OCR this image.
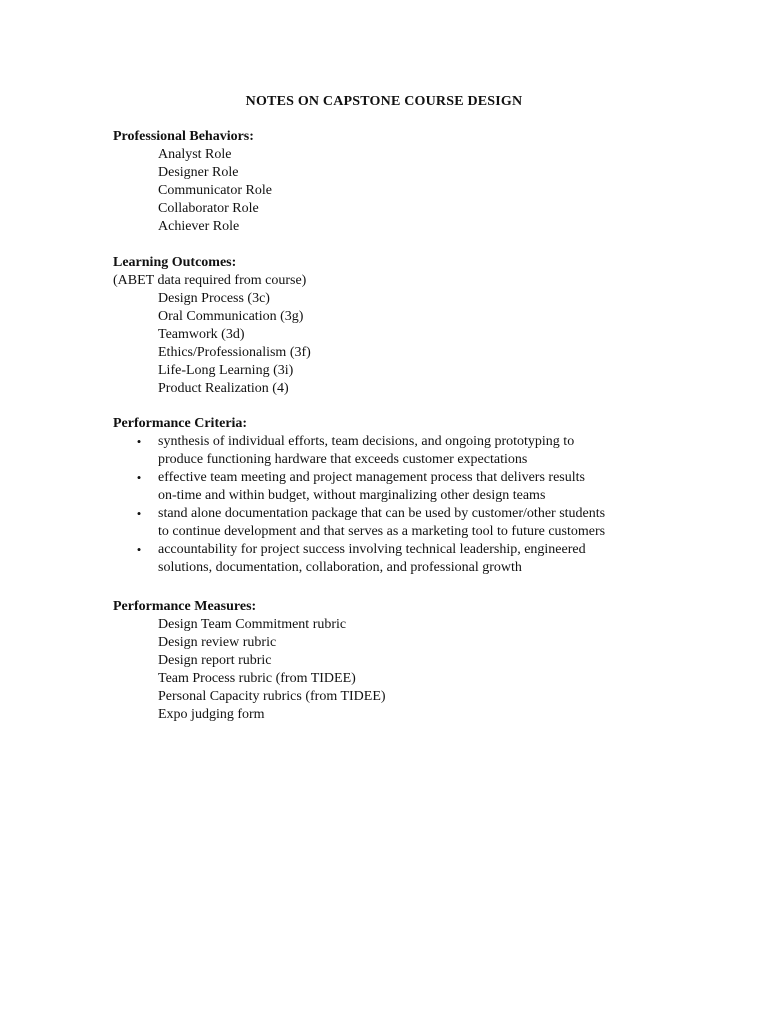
NOTES ON CAPSTONE COURSE DESIGN
Professional Behaviors:
Analyst Role
Designer Role
Communicator Role
Collaborator Role
Achiever Role
Learning Outcomes:
(ABET data required from course)
Design Process (3c)
Oral Communication (3g)
Teamwork (3d)
Ethics/Professionalism (3f)
Life-Long Learning (3i)
Product Realization (4)
Performance Criteria:
• synthesis of individual efforts, team decisions, and ongoing prototyping to
produce functioning hardware that exceeds customer expectations
• effective team meeting and project management process that delivers results
on-time and within budget, without marginalizing other design teams
• stand alone documentation package that can be used by customer/other students
to continue development and that serves as a marketing tool to future customers
• accountability for project success involving technical leadership, engineered
solutions, documentation, collaboration, and professional growth
Performance Measures:
Design Team Commitment rubric
Design review rubric
Design report rubric
Team Process rubric (from TIDEE)
Personal Capacity rubrics (from TIDEE)
Expo judging form
